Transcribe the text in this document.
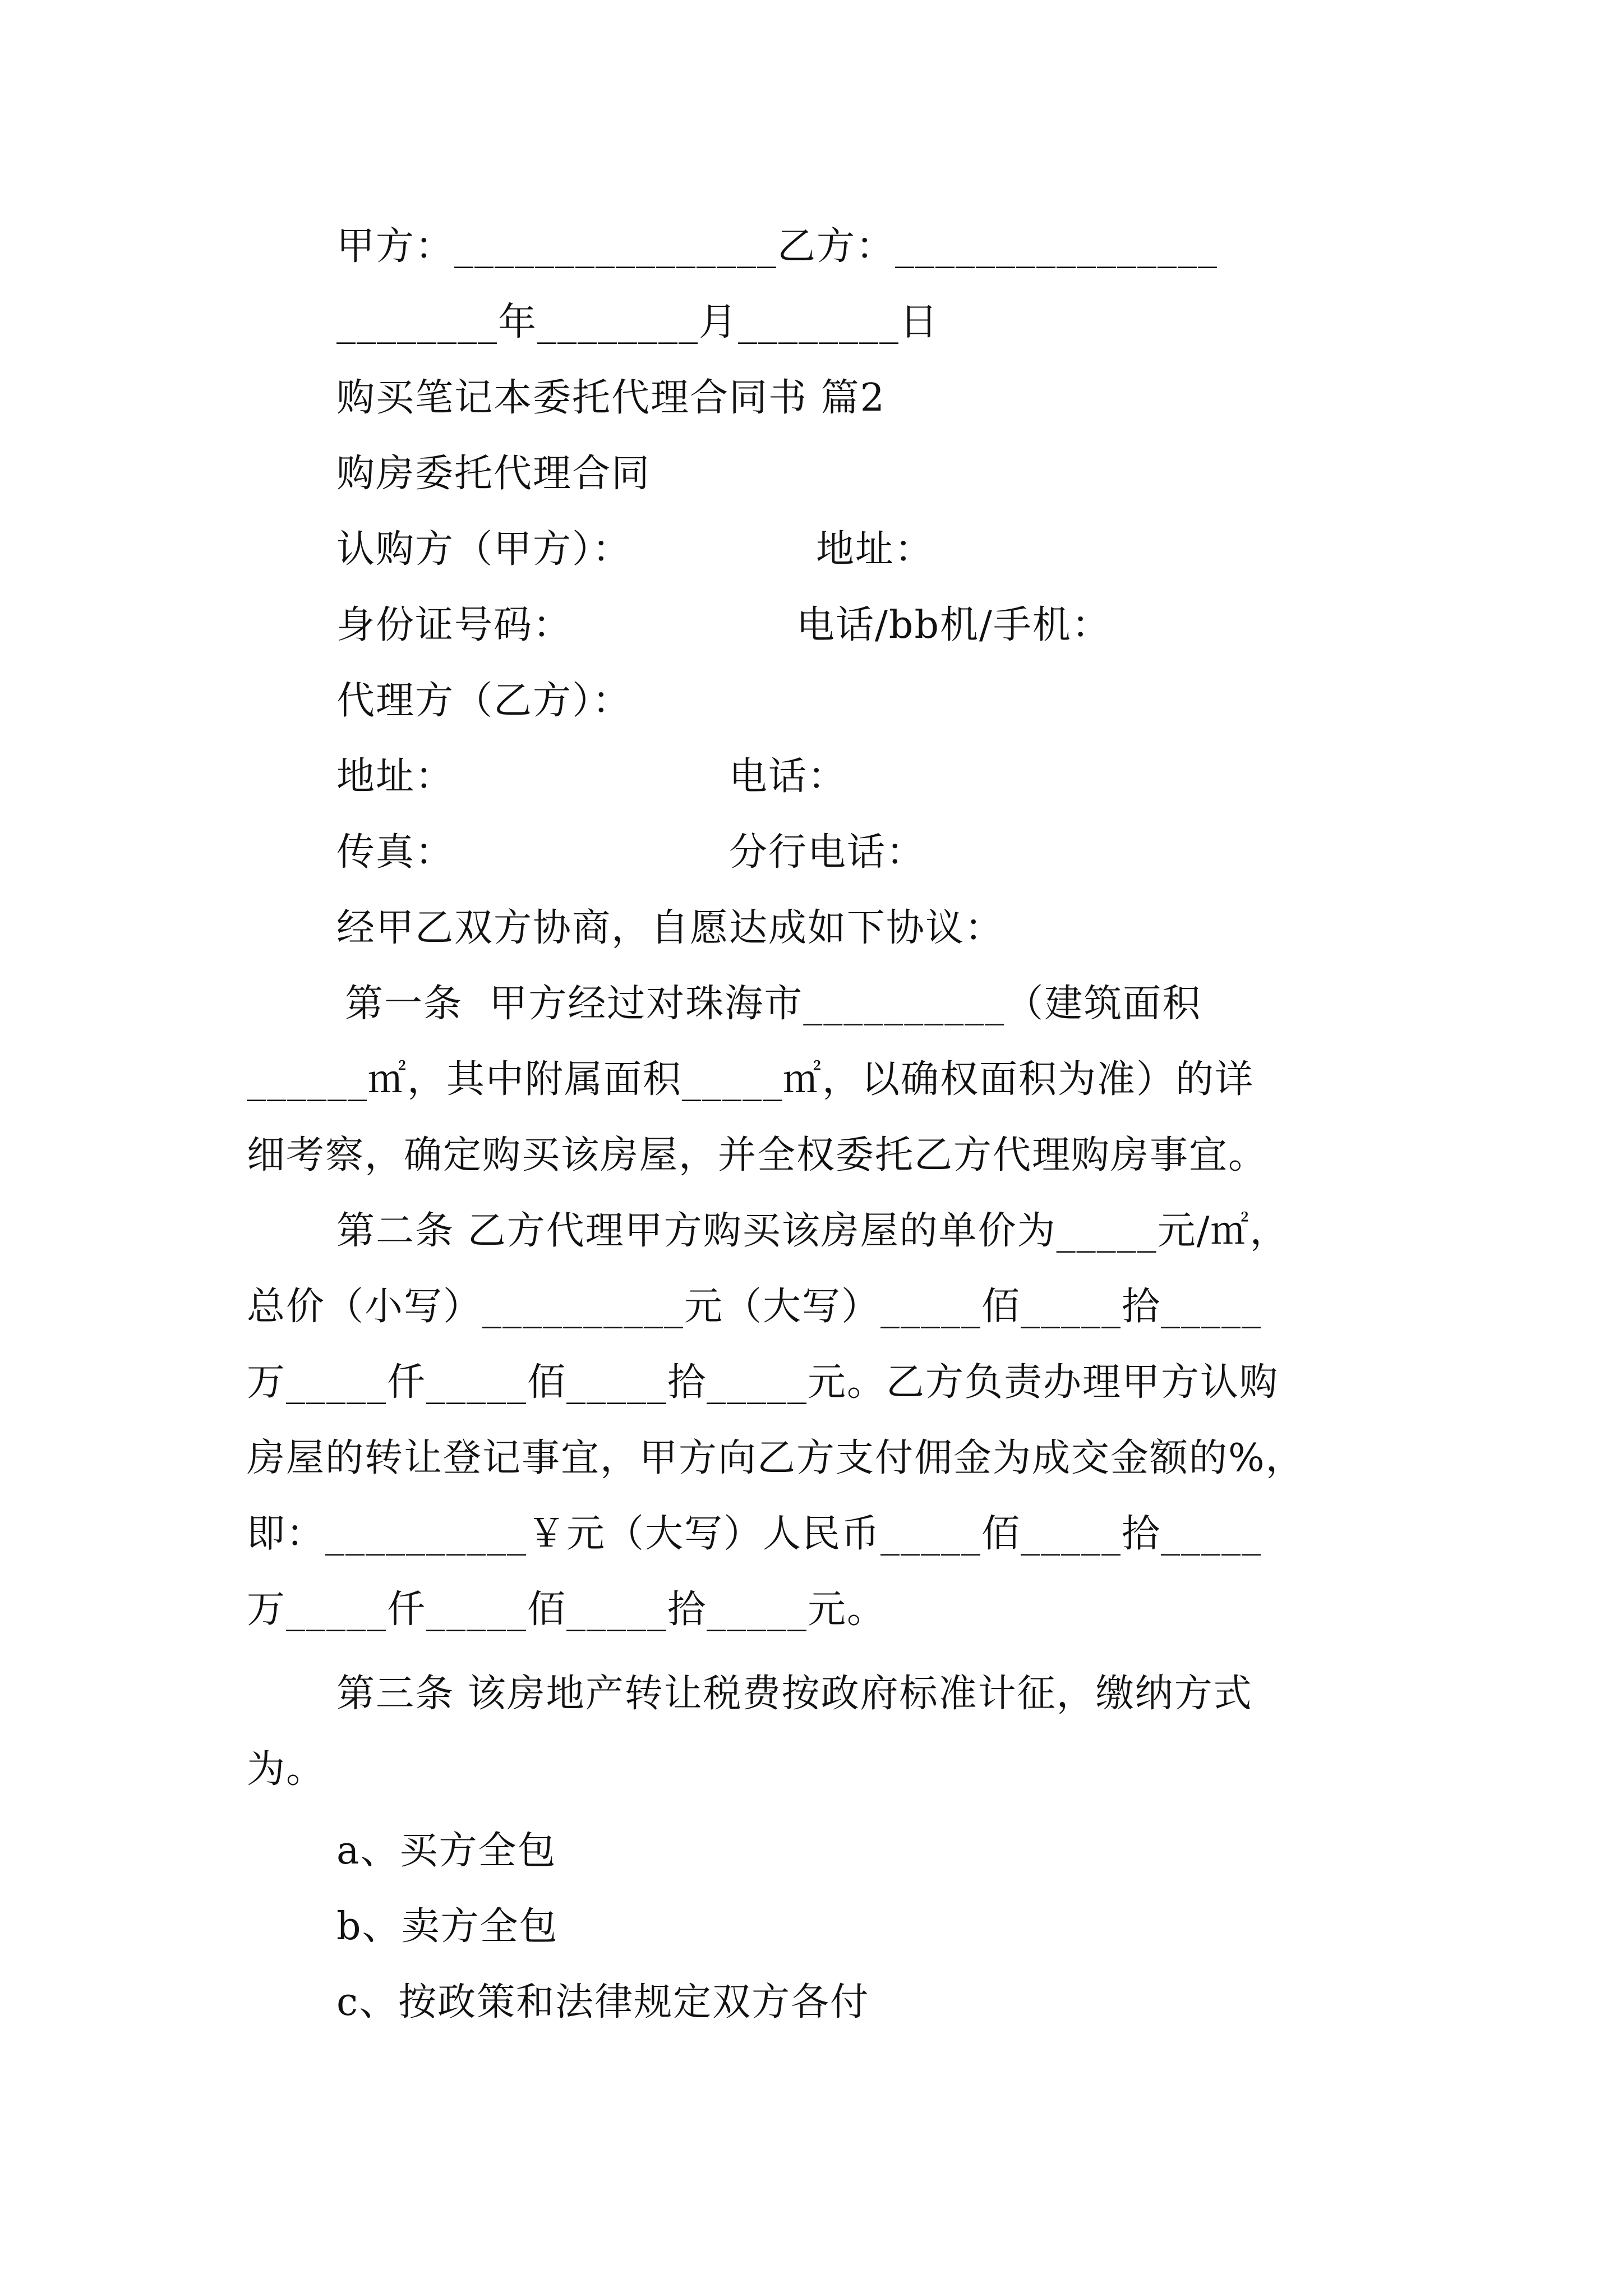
甲方：________________乙方：________________
________年________月________日
购买笔记本委托代理合同书 篇2
购房委托代理合同

认购方（甲方）：

	地址：

身份证号码：

	电话/bb机/手机：

代理方（乙方）：

地址：

	电话：

传真：

	分行电话：

经甲乙双方协商，自愿达成如下协议：
第一条  甲方经过对珠海市__________（建筑面积
______㎡，其中附属面积_____㎡，以确权面积为准）的详
细考察，确定购买该房屋，并全权委托乙方代理购房事宜。
第二条 乙方代理甲方购买该房屋的单价为_____元/㎡，
总价（小写）__________元（大写）_____佰_____拾_____
万_____仟_____佰_____拾_____元。乙方负责办理甲方认购
房屋的转让登记事宜，甲方向乙方支付佣金为成交金额的%，
即：__________￥元（大写）人民币_____佰_____拾_____
万_____仟_____佰_____拾_____元。
第三条 该房地产转让税费按政府标准计征，缴纳方式
为。
a、买方全包
b、卖方全包
c、按政策和法律规定双方各付
